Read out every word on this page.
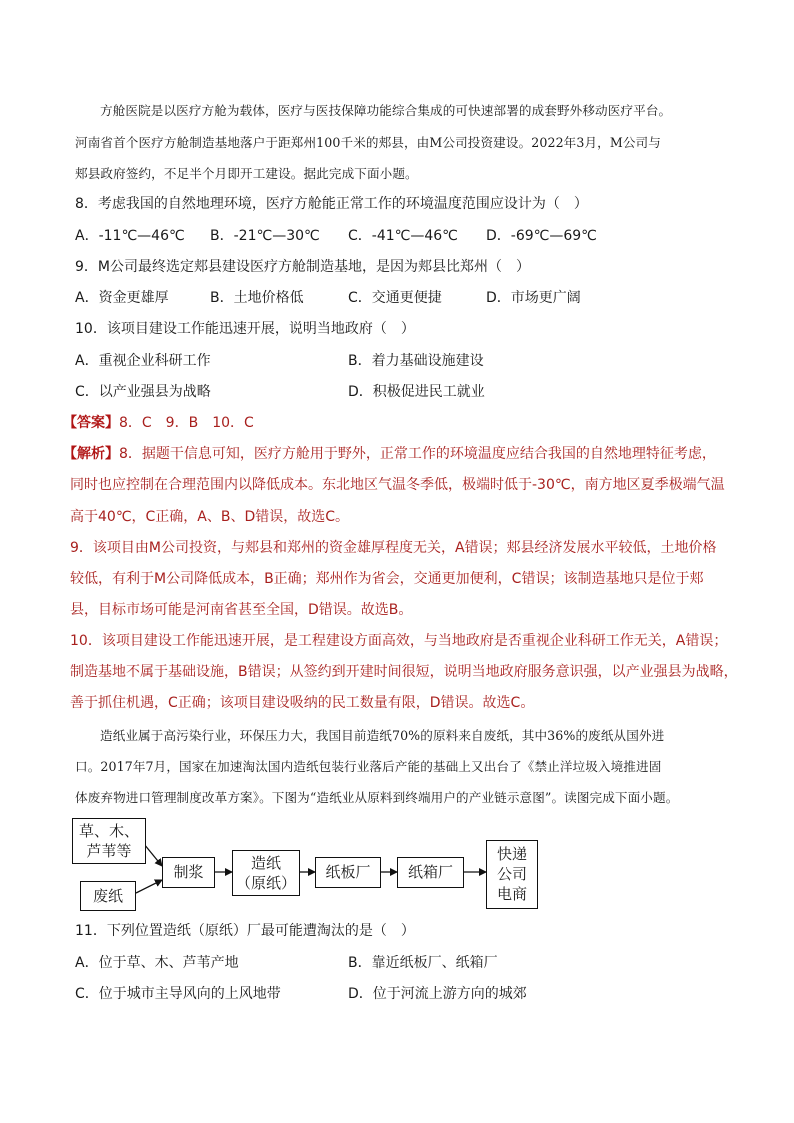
方舱医院是以医疗方舱为载体，医疗与医技保障功能综合集成的可快速部署的成套野外移动医疗平台。
河南省首个医疗方舱制造基地落户于距郑州100千米的郏县，由M公司投资建设。2022年3月，M公司与
郏县政府签约，不足半个月即开工建设。据此完成下面小题。
8．考虑我国的自然地理环境，医疗方舱能正常工作的环境温度范围应设计为（　）
A．-11℃—46℃ B．-21℃—30℃ C．-41℃—46℃ D．-69℃—69℃
9．M公司最终选定郏县建设医疗方舱制造基地，是因为郏县比郑州（　）
A．资金更雄厚	B．土地价格低	C．交通更便捷	D．市场更广阔
10．该项目建设工作能迅速开展，说明当地政府（　）
A．重视企业科研工作	B．着力基础设施建设
C．以产业强县为战略	D．积极促进民工就业
【答案】8．C　9．B　10．C
【解析】8．据题干信息可知，医疗方舱用于野外，正常工作的环境温度应结合我国的自然地理特征考虑，
同时也应控制在合理范围内以降低成本。东北地区气温冬季低，极端时低于-30℃，南方地区夏季极端气温
高于40℃，C正确，A、B、D错误，故选C。
9．该项目由M公司投资，与郏县和郑州的资金雄厚程度无关，A错误；郏县经济发展水平较低，土地价格
较低，有利于M公司降低成本，B正确；郑州作为省会，交通更加便利，C错误；该制造基地只是位于郏
县，目标市场可能是河南省甚至全国，D错误。故选B。
10．该项目建设工作能迅速开展，是工程建设方面高效，与当地政府是否重视企业科研工作无关，A错误；
制造基地不属于基础设施，B错误；从签约到开建时间很短，说明当地政府服务意识强，以产业强县为战略，
善于抓住机遇，C正确；该项目建设吸纳的民工数量有限，D错误。故选C。
造纸业属于高污染行业，环保压力大，我国目前造纸70%的原料来自废纸，其中36%的废纸从国外进
口。2017年7月，国家在加速淘汰国内造纸包装行业落后产能的基础上又出台了《禁止洋垃圾入境推进固
体废弃物进口管理制度改革方案》。下图为“造纸业从原料到终端用户的产业链示意图”。读图完成下面小题。
草、木、
芦苇等
废纸
制浆	造纸
（原纸）
纸板厂	纸箱厂
快递
公司
电商
11．下列位置造纸（原纸）厂最可能遭淘汰的是（　）
A．位于草、木、芦苇产地	B．靠近纸板厂、纸箱厂
C．位于城市主导风向的上风地带	D．位于河流上游方向的城郊
